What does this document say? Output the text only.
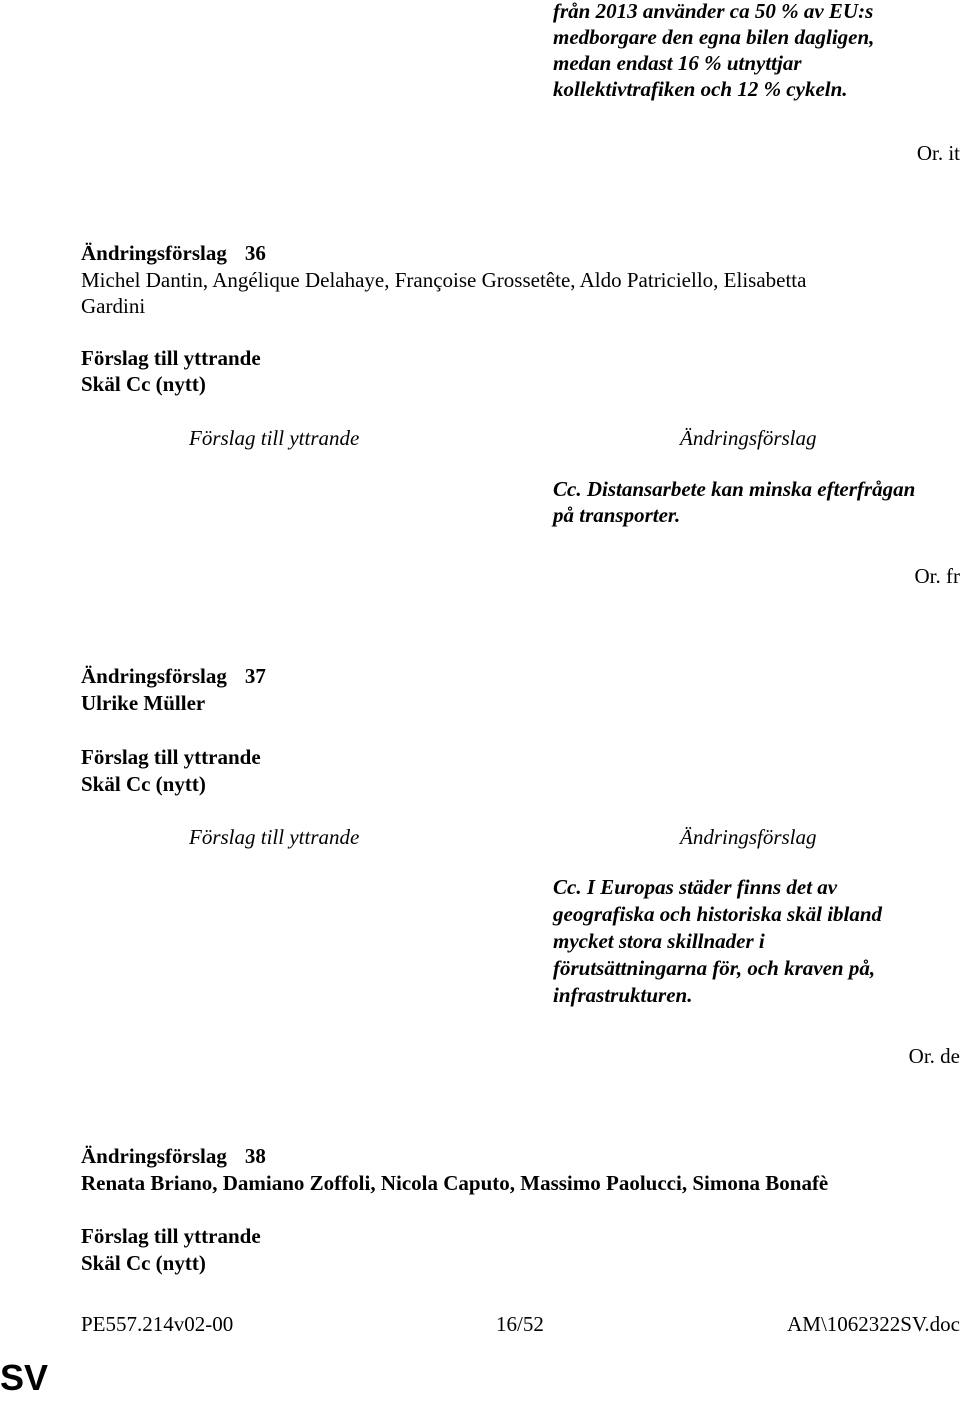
från 2013 använder ca 50 % av EU:s
medborgare den egna bilen dagligen,
medan endast 16 % utnyttjar
kollektivtrafiken och 12 % cykeln.
Or. it
Ändringsförslag 36
Michel Dantin, Angélique Delahaye, Françoise Grossetête, Aldo Patriciello, Elisabetta
Gardini
Förslag till yttrande
Skäl Cc (nytt)
Förslag till yttrande	Ändringsförslag
Cc. Distansarbete kan minska efterfrågan
på transporter.
Or. fr
Ändringsförslag 37
Ulrike Müller
Förslag till yttrande
Skäl Cc (nytt)
Förslag till yttrande	Ändringsförslag
Cc. I Europas städer finns det av
geografiska och historiska skäl ibland
mycket stora skillnader i
förutsättningarna för, och kraven på,
infrastrukturen.
Or. de
Ändringsförslag 38
Renata Briano, Damiano Zoffoli, Nicola Caputo, Massimo Paolucci, Simona Bonafè
Förslag till yttrande
Skäl Cc (nytt)
PE557.214v02-00	16/52	AM\1062322SV.doc
SV
